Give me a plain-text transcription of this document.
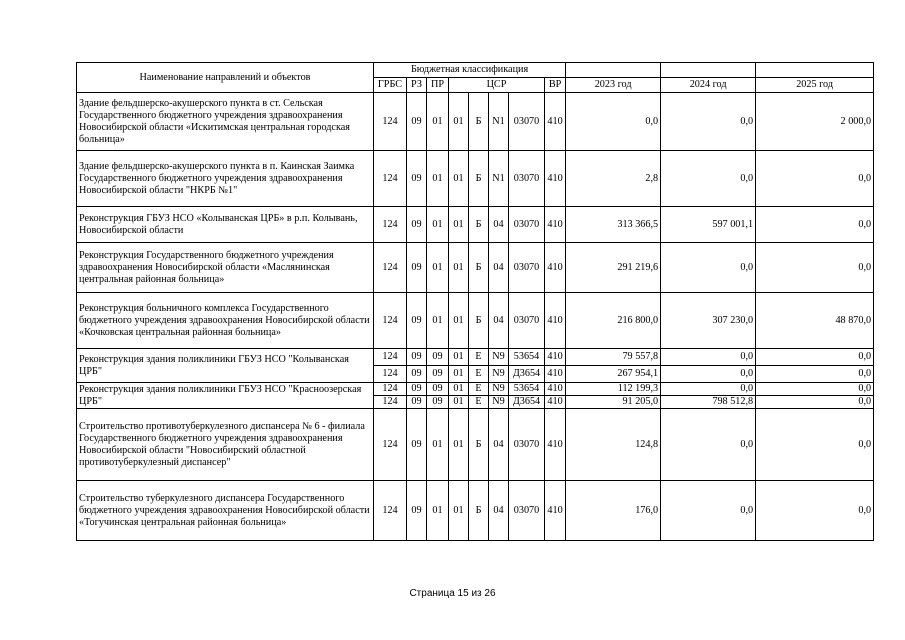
Наименование направлений и объектов	Бюджетная классификация										
	ГРБС	РЗ	ПР	ЦСР				ВР	2023 год	2024 год	2025 год
Здание фельдшерско-акушерского пункта в ст. Сельская Государственного бюджетного учреждения здравоохранения Новосибирской области «Искитимская центральная городская больница»	124	09	01	01	Б	N1	03070	410	0,0	0,0	2 000,0
Здание фельдшерско-акушерского пункта в п. Каинская Заимка Государственного бюджетного учреждения здравоохранения Новосибирской области "НКРБ №1"	124	09	01	01	Б	N1	03070	410	2,8	0,0	0,0
Реконструкция ГБУЗ НСО «Колыванская ЦРБ» в р.п. Колывань, Новосибирской области	124	09	01	01	Б	04	03070	410	313 366,5	597 001,1	0,0
Реконструкция Государственного бюджетного учреждения здравоохранения Новосибирской области «Маслянинская центральная районная больница»	124	09	01	01	Б	04	03070	410	291 219,6	0,0	0,0
Реконструкция больничного комплекса Государственного бюджетного учреждения здравоохранения Новосибирской области «Кочковская центральная районная больница»	124	09	01	01	Б	04	03070	410	216 800,0	307 230,0	48 870,0
Реконструкция здания поликлиники ГБУЗ НСО "Колыванская ЦРБ"	124	09	09	01	Е	N9	53654	410	79 557,8	0,0	0,0
	124	09	09	01	Е	N9	Д3654	410	267 954,1	0,0	0,0
Реконструкция здания поликлиники ГБУЗ НСО "Красноозерская ЦРБ"	124	09	09	01	Е	N9	53654	410	112 199,3	0,0	0,0
	124	09	09	01	Е	N9	Д3654	410	91 205,0	798 512,8	0,0
Строительство противотуберкулезного диспансера № 6 - филиала Государственного бюджетного учреждения здравоохранения Новосибирской области "Новосибирский областной противотуберкулезный диспансер"	124	09	01	01	Б	04	03070	410	124,8	0,0	0,0
Строительство туберкулезного диспансера Государственного бюджетного учреждения здравоохранения Новосибирской области «Тогучинская центральная районная больница»	124	09	01	01	Б	04	03070	410	176,0	0,0	0,0
Страница 15 из 26
